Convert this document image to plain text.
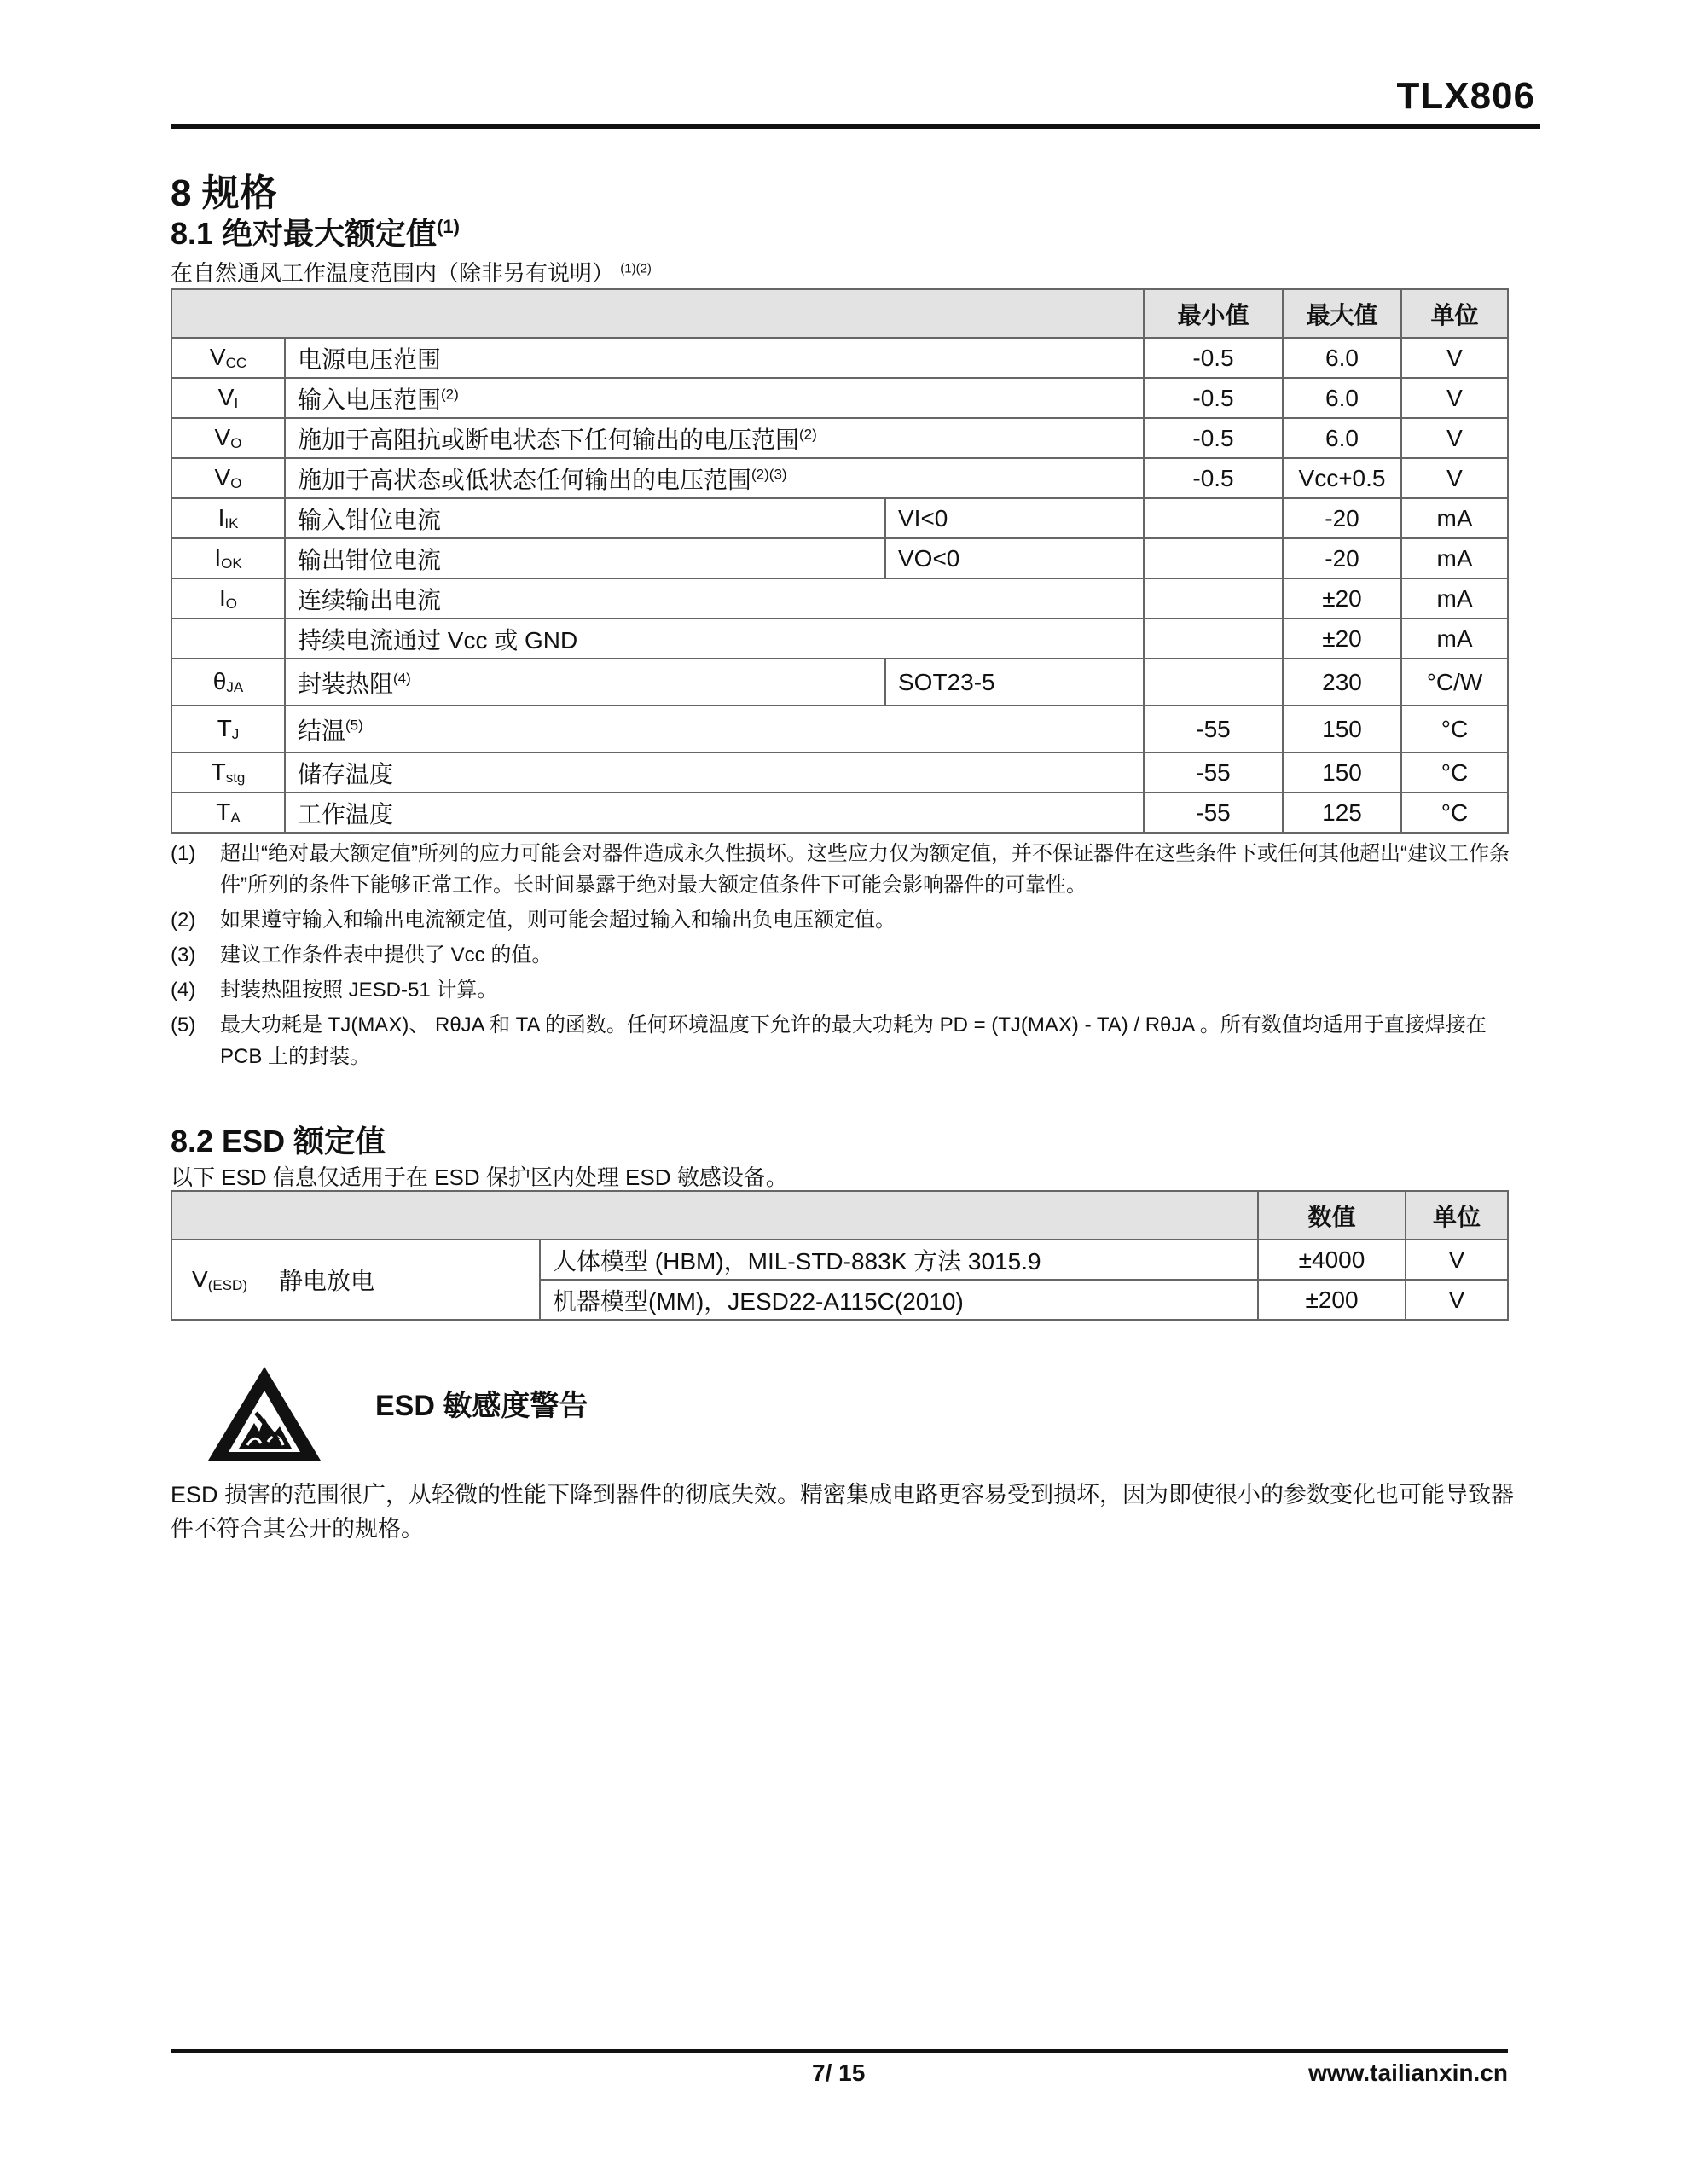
TLX806
8 规格
8.1 绝对最大额定值$^{(1)}$
在自然通风工作温度范围内（除非另有说明） $^{(1)(2)}$
			最小值	最大值	单位
$V_{CC}$	电源电压范围		-0.5	6.0	V
$V_I$	输入电压范围$^{(2)}$		-0.5	6.0	V
$V_O$	施加于高阻抗或断电状态下任何输出的电压范围$^{(2)}$		-0.5	6.0	V
$V_O$	施加于高状态或低状态任何输出的电压范围$^{(2)(3)}$		-0.5	Vcc+0.5	V
$I_{IK}$	输入钳位电流	VI<0		-20	mA
$I_{OK}$	输出钳位电流	VO<0		-20	mA
$I_O$	连续输出电流			±20	mA
	持续电流通过 Vcc 或 GND			±20	mA
$\theta_{JA}$	封装热阻$^{(4)}$	SOT23-5		230	°C/W
$T_J$	结温$^{(5)}$		-55	150	°C
$T_{stg}$	储存温度		-55	150	°C
$T_A$	工作温度		-55	125	°C
(1)	超出“绝对最大额定值”所列的应力可能会对器件造成永久性损坏。这些应力仅为额定值，并不保证器件在这些条件下或任何其他超出“建议工作条件”所列的条件下能够正常工作。长时间暴露于绝对最大额定值条件下可能会影响器件的可靠性。
(2)	如果遵守输入和输出电流额定值，则可能会超过输入和输出负电压额定值。
(3)	建议工作条件表中提供了 Vcc 的值。
(4)	封装热阻按照 JESD-51 计算。
(5)	最大功耗是 TJ(MAX)、 RθJA 和 TA 的函数。任何环境温度下允许的最大功耗为 PD = (TJ(MAX) - TA) / RθJA 。所有数值均适用于直接焊接在 PCB 上的封装。
8.2 ESD 额定值
以下 ESD 信息仅适用于在 ESD 保护区内处理 ESD 敏感设备。
			数值	单位
$V_{(ESD)}$	静电放电	人体模型 (HBM)，MIL-STD-883K 方法 3015.9	±4000	V
		机器模型(MM)，JESD22-A115C(2010)	±200	V
ESD 敏感度警告
ESD 损害的范围很广，从轻微的性能下降到器件的彻底失效。精密集成电路更容易受到损坏，因为即使很小的参数变化也可能导致器件不符合其公开的规格。
7/ 15	www.tailianxin.cn
